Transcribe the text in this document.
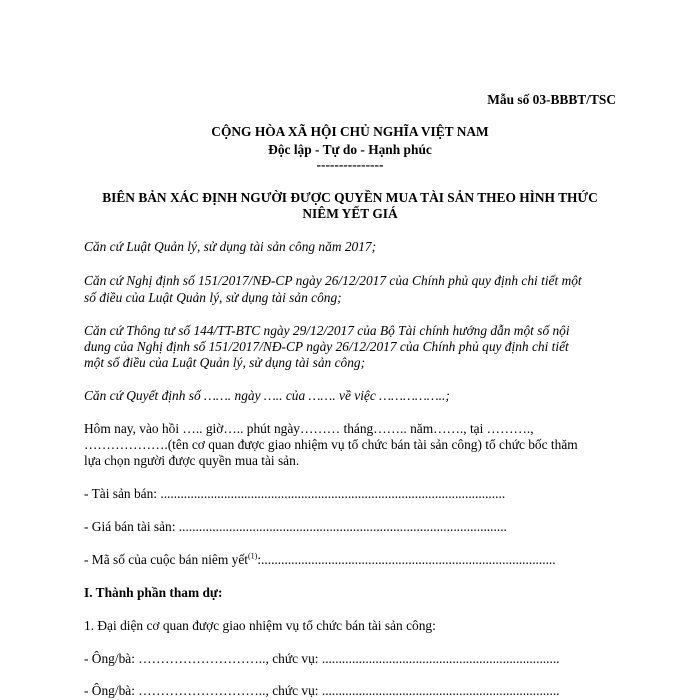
Mẫu số 03-BBBT/TSC
CỘNG HÒA XÃ HỘI CHỦ NGHĨA VIỆT NAM
Độc lập - Tự do - Hạnh phúc
---------------
BIÊN BẢN XÁC ĐỊNH NGƯỜI ĐƯỢC QUYỀN MUA TÀI SẢN THEO HÌNH THỨC
NIÊM YẾT GIÁ
Căn cứ Luật Quản lý, sử dụng tài sản công năm 2017;
Căn cứ Nghị định số 151/2017/NĐ-CP ngày 26/12/2017 của Chính phủ quy định chi tiết một
số điều của Luật Quản lý, sử dụng tài sản công;
Căn cứ Thông tư số 144/TT-BTC ngày 29/12/2017 của Bộ Tài chính hướng dẫn một số nội
dung của Nghị định số 151/2017/NĐ-CP ngày 26/12/2017 của Chính phủ quy định chi tiết
một số điều của Luật Quản lý, sử dụng tài sản công;
Căn cứ Quyết định số ……. ngày ….. của ……. về việc ……………..;
Hôm nay, vào hồi ….. giờ….. phút ngày……… tháng…….. năm……., tại ……….,
……………….(tên cơ quan được giao nhiệm vụ tổ chức bán tài sản công) tổ chức bốc thăm
lựa chọn người được quyền mua tài sản.
- Tài sản bán: .......................................................................................................
- Giá bán tài sản: ..................................................................................................
- Mã số của cuộc bán niêm yết$^{(1)}$:........................................................................................
I. Thành phần tham dự:
1. Đại diện cơ quan được giao nhiệm vụ tổ chức bán tài sản công:
- Ông/bà: ……………………….., chức vụ: .......................................................................
- Ông/bà: ……………………….., chức vụ: .......................................................................
